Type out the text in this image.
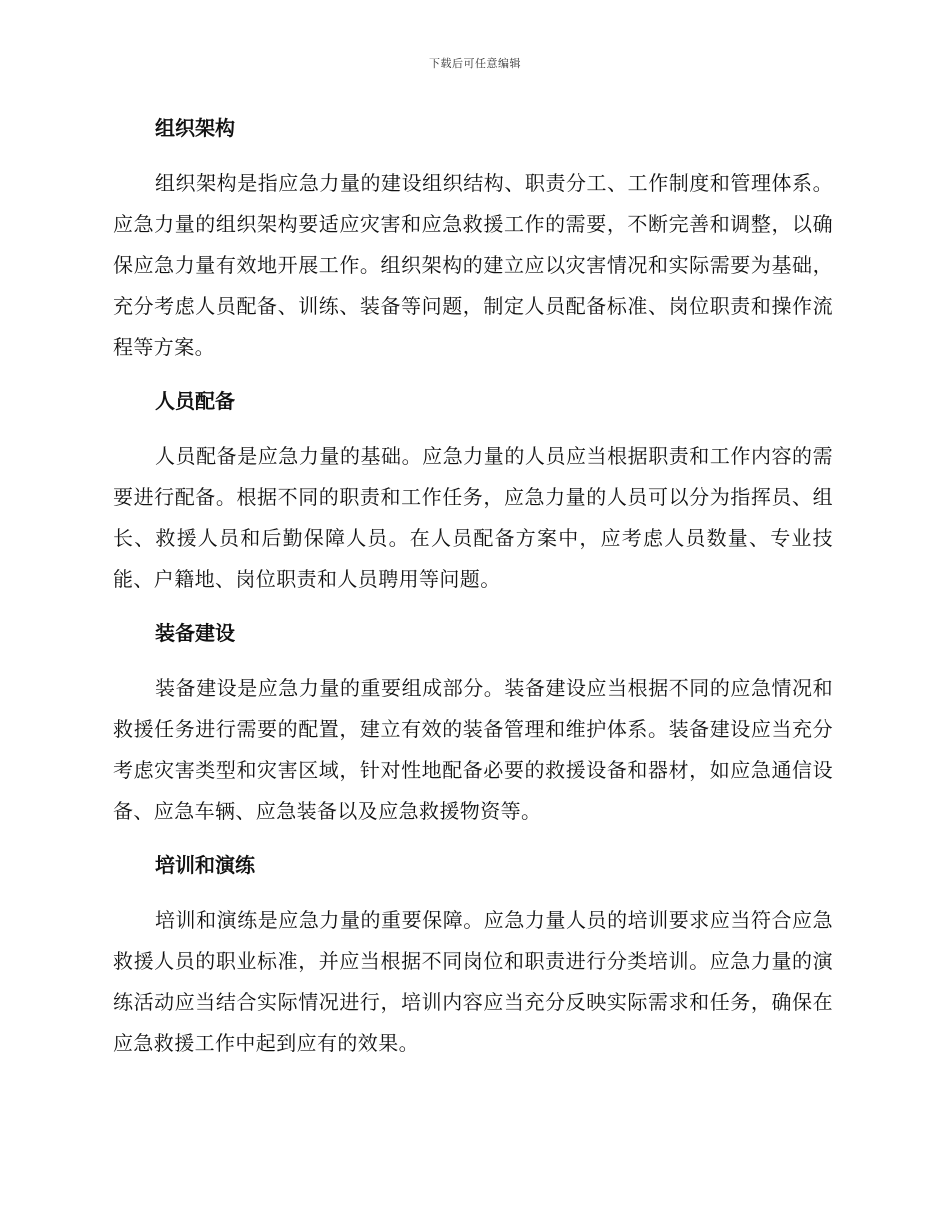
下载后可任意编辑
组织架构

组织架构是指应急力量的建设组织结构、职责分工、工作制度和管理体系。应急力量的组织架构要适应灾害和应急救援工作的需要，不断完善和调整，以确保应急力量有效地开展工作。组织架构的建立应以灾害情况和实际需要为基础，充分考虑人员配备、训练、装备等问题，制定人员配备标准、岗位职责和操作流程等方案。

人员配备

人员配备是应急力量的基础。应急力量的人员应当根据职责和工作内容的需要进行配备。根据不同的职责和工作任务，应急力量的人员可以分为指挥员、组长、救援人员和后勤保障人员。在人员配备方案中，应考虑人员数量、专业技能、户籍地、岗位职责和人员聘用等问题。

装备建设

装备建设是应急力量的重要组成部分。装备建设应当根据不同的应急情况和救援任务进行需要的配置，建立有效的装备管理和维护体系。装备建设应当充分考虑灾害类型和灾害区域，针对性地配备必要的救援设备和器材，如应急通信设备、应急车辆、应急装备以及应急救援物资等。

培训和演练

培训和演练是应急力量的重要保障。应急力量人员的培训要求应当符合应急救援人员的职业标准，并应当根据不同岗位和职责进行分类培训。应急力量的演练活动应当结合实际情况进行，培训内容应当充分反映实际需求和任务，确保在应急救援工作中起到应有的效果。
